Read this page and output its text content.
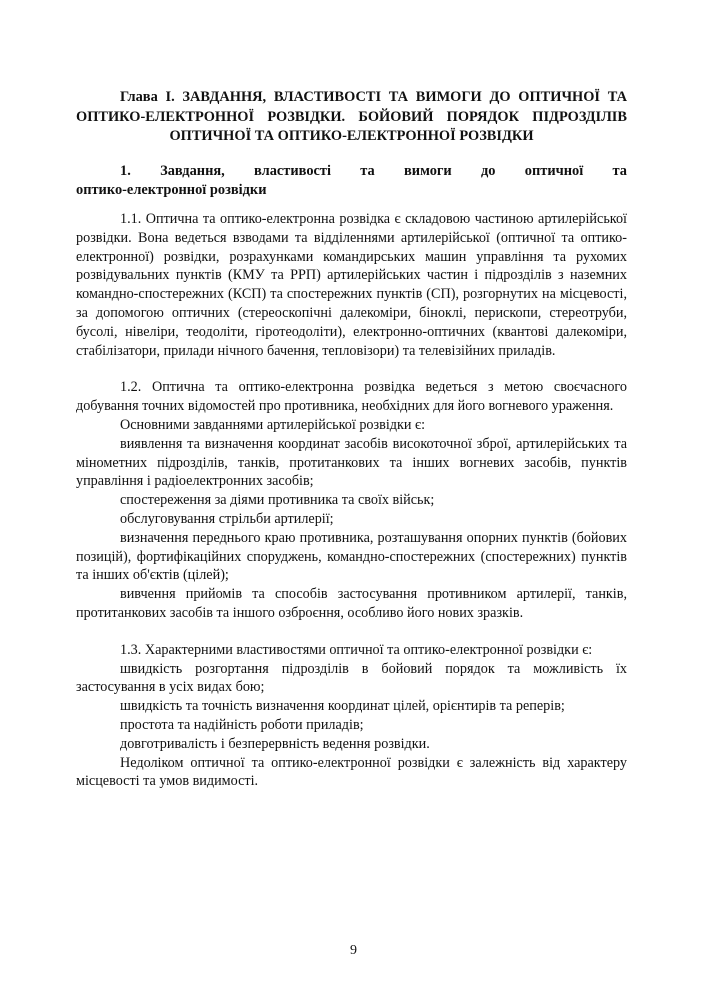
Глава І. ЗАВДАННЯ, ВЛАСТИВОСТІ ТА ВИМОГИ ДО ОПТИЧНОЇ ТА ОПТИКО-ЕЛЕКТРОННОЇ РОЗВІДКИ. БОЙОВИЙ ПОРЯДОК ПІДРОЗДІЛІВ ОПТИЧНОЇ ТА ОПТИКО-ЕЛЕКТРОННОЇ РОЗВІДКИ
1. Завдання, властивості та вимоги до оптичної та
оптико-електронної розвідки

1.1. Оптична та оптико-електронна розвідка є складовою частиною артилерійської розвідки. Вона ведеться взводами та відділеннями артилерійської (оптичної та оптико-електронної) розвідки, розрахунками командирських машин управління та рухомих розвідувальних пунктів (КМУ та РРП) артилерійських частин і підрозділів з наземних командно-спостережних (КСП) та спостережних пунктів (СП), розгорнутих на місцевості, за допомогою оптичних (стереоскопічні далекоміри, біноклі, перископи, стереотруби, бусолі, нівеліри, теодоліти, гіротеодоліти), електронно-оптичних (квантові далекоміри, стабілізатори, прилади нічного бачення, тепловізори) та телевізійних приладів.

1.2. Оптична та оптико-електронна розвідка ведеться з метою своєчасного добування точних відомостей про противника, необхідних для його вогневого ураження.

Основними завданнями артилерійської розвідки є:

виявлення та визначення координат засобів високоточної зброї, артилерійських та мінометних підрозділів, танків, протитанкових та інших вогневих засобів, пунктів управління і радіоелектронних засобів;

спостереження за діями противника та своїх військ;

обслуговування стрільби артилерії;

визначення переднього краю противника, розташування опорних пунктів (бойових позицій), фортифікаційних споруджень, командно-спостережних (спостережних) пунктів та інших об'єктів (цілей);

вивчення прийомів та способів застосування противником артилерії, танків, протитанкових засобів та іншого озброєння, особливо його нових зразків.

1.3. Характерними властивостями оптичної та оптико-електронної розвідки є:

швидкість розгортання підрозділів в бойовий порядок та можливість їх застосування в усіх видах бою;

швидкість та точність визначення координат цілей, орієнтирів та реперів;

простота та надійність роботи приладів;

довготривалість і безперервність ведення розвідки.

Недоліком оптичної та оптико-електронної розвідки є залежність від характеру місцевості та умов видимості.

9
